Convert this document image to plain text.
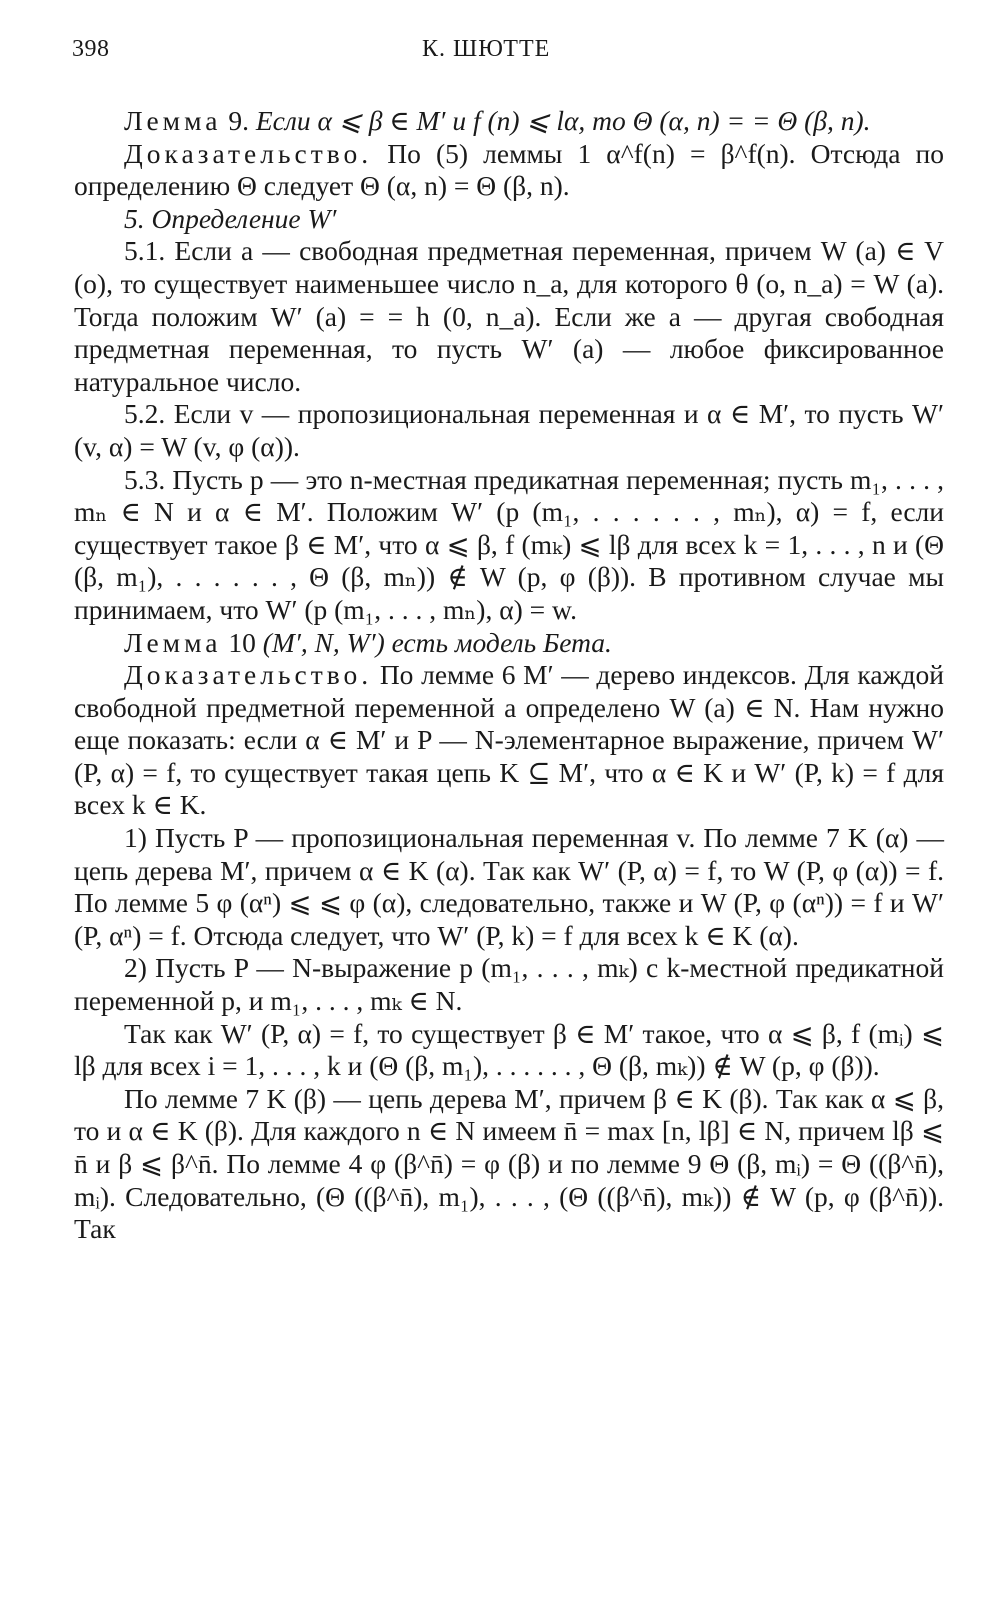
398	К. ШЮТТЕ

Лемма 9. Если α ⩽ β ∈ M′ и f (n) ⩽ lα, то Θ (α, n) = = Θ (β, n).

Доказательство. По (5) леммы 1 α^f(n) = β^f(n). Отсюда по определению Θ следует Θ (α, n) = Θ (β, n).

5. Определение W′

5.1. Если a — свободная предметная переменная, причем W (a) ∈ V (o), то существует наименьшее число n_a, для которого θ (o, n_a) = W (a). Тогда положим W′ (a) = = h (0, n_a). Если же a — другая свободная предметная переменная, то пусть W′ (a) — любое фиксированное натуральное число.

5.2. Если v — пропозициональная переменная и α ∈ M′, то пусть W′ (v, α) = W (v, φ (α)).

5.3. Пусть p — это n-местная предикатная переменная; пусть m₁, . . . , mₙ ∈ N и α ∈ M′. Положим W′ (p (m₁, . . . . . . , mₙ), α) = f, если существует такое β ∈ M′, что α ⩽ β, f (mₖ) ⩽ lβ для всех k = 1, . . . , n и (Θ (β, m₁), . . . . . . , Θ (β, mₙ)) ∉ W (p, φ (β)). В противном случае мы принимаем, что W′ (p (m₁, . . . , mₙ), α) = w.

Лемма 10 (M′, N, W′) есть модель Бета.

Доказательство. По лемме 6 M′ — дерево индексов. Для каждой свободной предметной переменной a определено W (a) ∈ N. Нам нужно еще показать: если α ∈ M′ и P — N-элементарное выражение, причем W′ (P, α) = f, то существует такая цепь K ⊆ M′, что α ∈ K и W′ (P, k) = f для всех k ∈ K.

1) Пусть P — пропозициональная переменная v. По лемме 7 K (α) — цепь дерева M′, причем α ∈ K (α). Так как W′ (P, α) = f, то W (P, φ (α)) = f. По лемме 5 φ (αⁿ) ⩽ ⩽ φ (α), следовательно, также и W (P, φ (αⁿ)) = f и W′ (P, αⁿ) = f. Отсюда следует, что W′ (P, k) = f для всех k ∈ K (α).

2) Пусть P — N-выражение p (m₁, . . . , mₖ) с k-местной предикатной переменной p, и m₁, . . . , mₖ ∈ N.

Так как W′ (P, α) = f, то существует β ∈ M′ такое, что α ⩽ β, f (mᵢ) ⩽ lβ для всех i = 1, . . . , k и (Θ (β, m₁), . . . . . . , Θ (β, mₖ)) ∉ W (p, φ (β)).

По лемме 7 K (β) — цепь дерева M′, причем β ∈ K (β). Так как α ⩽ β, то и α ∈ K (β). Для каждого n ∈ N имеем n̄ = max [n, lβ] ∈ N, причем lβ ⩽ n̄ и β ⩽ β^n̄. По лемме 4 φ (β^n̄) = φ (β) и по лемме 9 Θ (β, mᵢ) = Θ ((β^n̄), mᵢ). Следовательно, (Θ ((β^n̄), m₁), . . . , (Θ ((β^n̄), mₖ)) ∉ W (p, φ (β^n̄)). Так
